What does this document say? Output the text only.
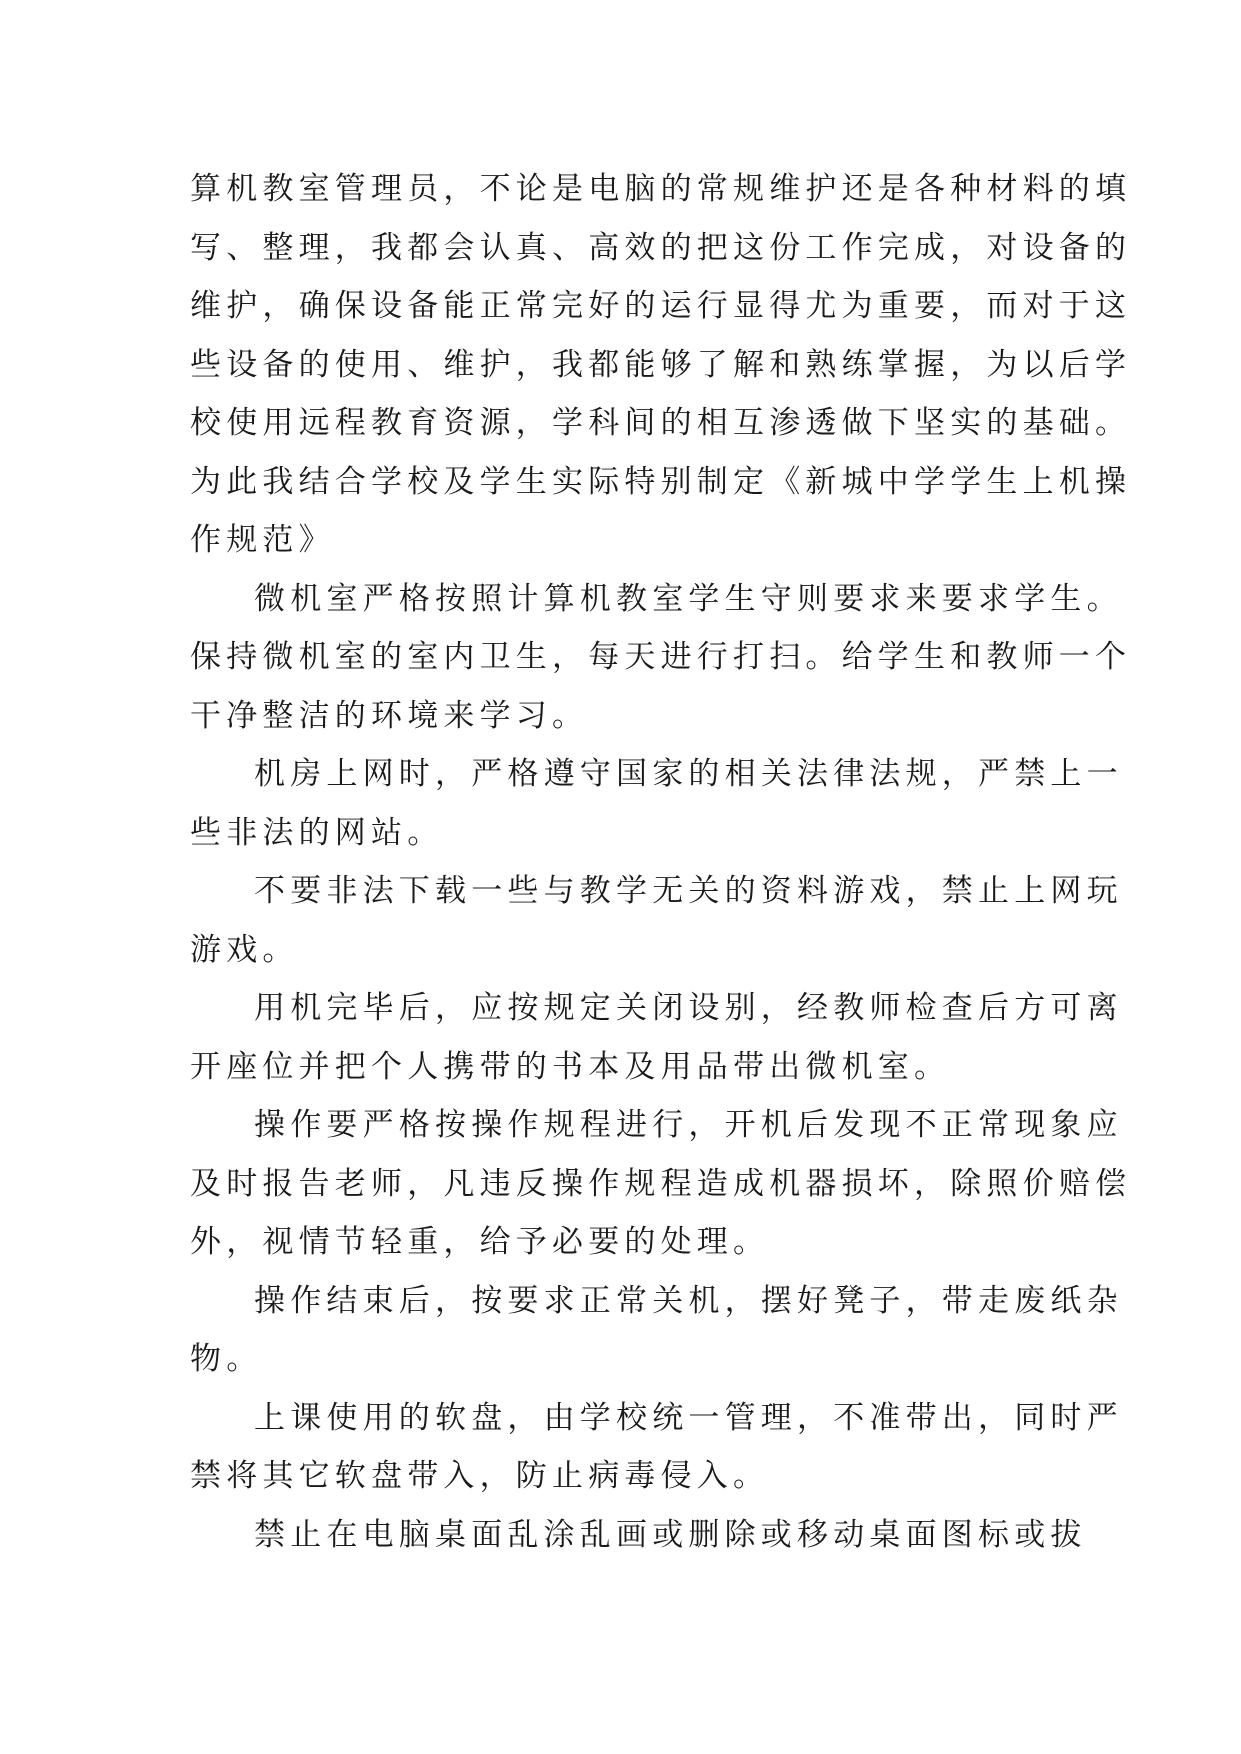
算机教室管理员，不论是电脑的常规维护还是各种材料的填
写、整理，我都会认真、高效的把这份工作完成，对设备的
维护，确保设备能正常完好的运行显得尤为重要，而对于这
些设备的使用、维护，我都能够了解和熟练掌握，为以后学
校使用远程教育资源，学科间的相互渗透做下坚实的基础。
为此我结合学校及学生实际特别制定《新城中学学生上机操
作规范》
微机室严格按照计算机教室学生守则要求来要求学生。
保持微机室的室内卫生，每天进行打扫。给学生和教师一个
干净整洁的环境来学习。
机房上网时，严格遵守国家的相关法律法规，严禁上一
些非法的网站。
不要非法下载一些与教学无关的资料游戏，禁止上网玩
游戏。
用机完毕后，应按规定关闭设别，经教师检查后方可离
开座位并把个人携带的书本及用品带出微机室。
操作要严格按操作规程进行，开机后发现不正常现象应
及时报告老师，凡违反操作规程造成机器损坏，除照价赔偿
外，视情节轻重，给予必要的处理。
操作结束后，按要求正常关机，摆好凳子，带走废纸杂
物。
上课使用的软盘，由学校统一管理，不准带出，同时严
禁将其它软盘带入，防止病毒侵入。
禁止在电脑桌面乱涂乱画或删除或移动桌面图标或拔
